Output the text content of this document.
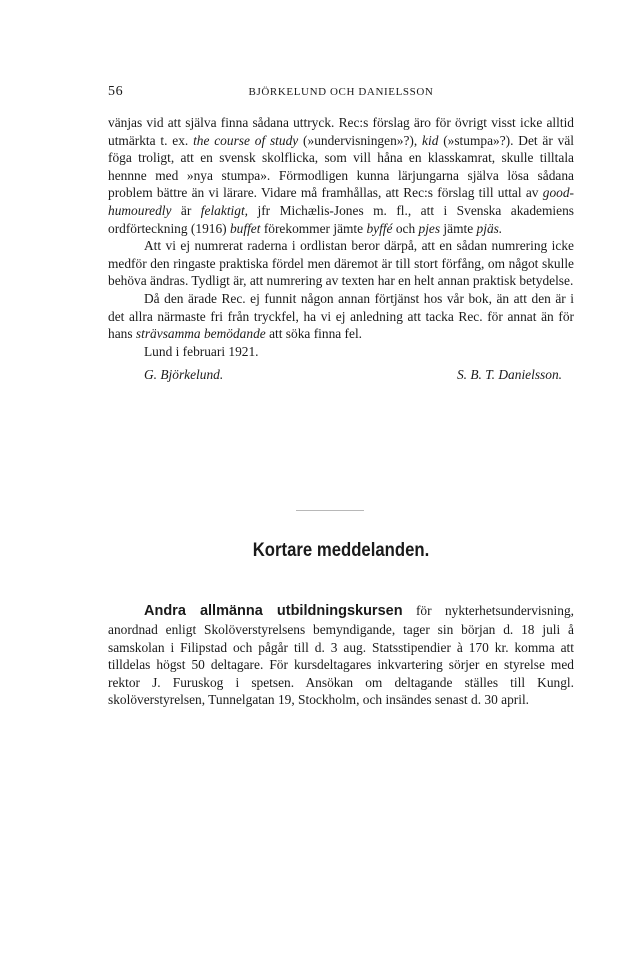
56	BJÖRKELUND OCH DANIELSSON

vänjas vid att själva finna sådana uttryck. Rec:s förslag äro för övrigt visst icke alltid utmärkta t. ex. the course of study (»undervisningen»?), kid (»stumpa»?). Det är väl föga troligt, att en svensk skolflicka, som vill håna en klasskamrat, skulle tilltala hennne med »nya stumpa». Förmodligen kunna lärjungarna själva lösa sådana problem bättre än vi lärare. Vidare må framhållas, att Rec:s förslag till uttal av good-humouredly är felaktigt, jfr Michælis-Jones m. fl., att i Svenska akademiens ordförteckning (1916) buffet förekommer jämte byffé och pjes jämte pjäs.

Att vi ej numrerat raderna i ordlistan beror därpå, att en sådan numrering icke medför den ringaste praktiska fördel men däremot är till stort förfång, om något skulle behöva ändras. Tydligt är, att numrering av texten har en helt annan praktisk betydelse.

Då den ärade Rec. ej funnit någon annan förtjänst hos vår bok, än att den är i det allra närmaste fri från tryckfel, ha vi ej anledning att tacka Rec. för annat än för hans strävsamma bemödande att söka finna fel.

Lund i februari 1921.

G. Björkelund.	S. B. T. Danielsson.
Kortare meddelanden.

Andra allmänna utbildningskursen för nykterhetsundervisning, anordnad enligt Skolöverstyrelsens bemyndigande, tager sin början d. 18 juli å samskolan i Filipstad och pågår till d. 3 aug. Statsstipendier à 170 kr. komma att tilldelas högst 50 deltagare. För kursdeltagares inkvartering sörjer en styrelse med rektor J. Furuskog i spetsen. Ansökan om deltagande ställes till Kungl. skolöverstyrelsen, Tunnelgatan 19, Stockholm, och insändes senast d. 30 april.
